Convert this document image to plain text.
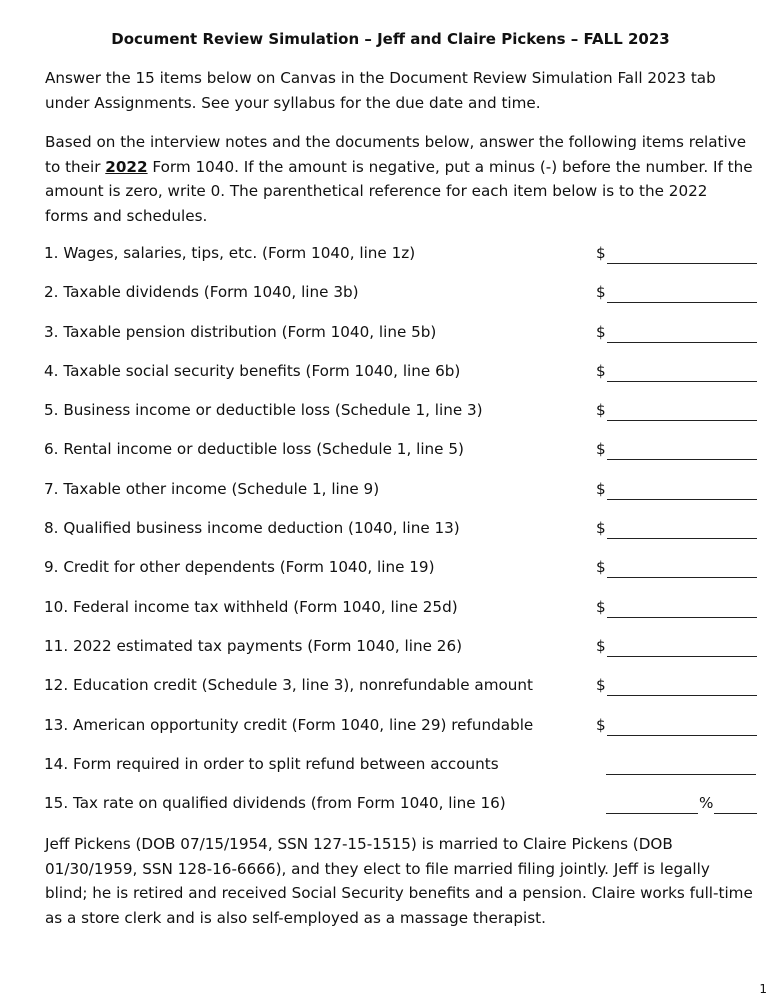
Document Review Simulation – Jeff and Claire Pickens – FALL 2023
Answer the 15 items below on Canvas in the Document Review Simulation Fall 2023 tab under Assignments. See your syllabus for the due date and time.
Based on the interview notes and the documents below, answer the following items relative to their 2022 Form 1040. If the amount is negative, put a minus (-) before the number. If the amount is zero, write 0. The parenthetical reference for each item below is to the 2022 forms and schedules.
1. Wages, salaries, tips, etc. (Form 1040, line 1z)	$
2. Taxable dividends (Form 1040, line 3b)	$
3. Taxable pension distribution (Form 1040, line 5b)	$
4. Taxable social security benefits (Form 1040, line 6b)	$
5. Business income or deductible loss (Schedule 1, line 3)	$
6. Rental income or deductible loss (Schedule 1, line 5)	$
7. Taxable other income (Schedule 1, line 9)	$
8. Qualified business income deduction (1040, line 13)	$
9. Credit for other dependents (Form 1040, line 19)	$
10. Federal income tax withheld (Form 1040, line 25d)	$
11. 2022 estimated tax payments (Form 1040, line 26)	$
12. Education credit (Schedule 3, line 3), nonrefundable amount	$
13. American opportunity credit (Form 1040, line 29) refundable	$
14. Form required in order to split refund between accounts
15. Tax rate on qualified dividends (from Form 1040, line 16)	%
Jeff Pickens (DOB 07/15/1954, SSN 127-15-1515) is married to Claire Pickens (DOB 01/30/1959, SSN 128-16-6666), and they elect to file married filing jointly. Jeff is legally blind; he is retired and received Social Security benefits and a pension. Claire works full-time as a store clerk and is also self-employed as a massage therapist.
1
